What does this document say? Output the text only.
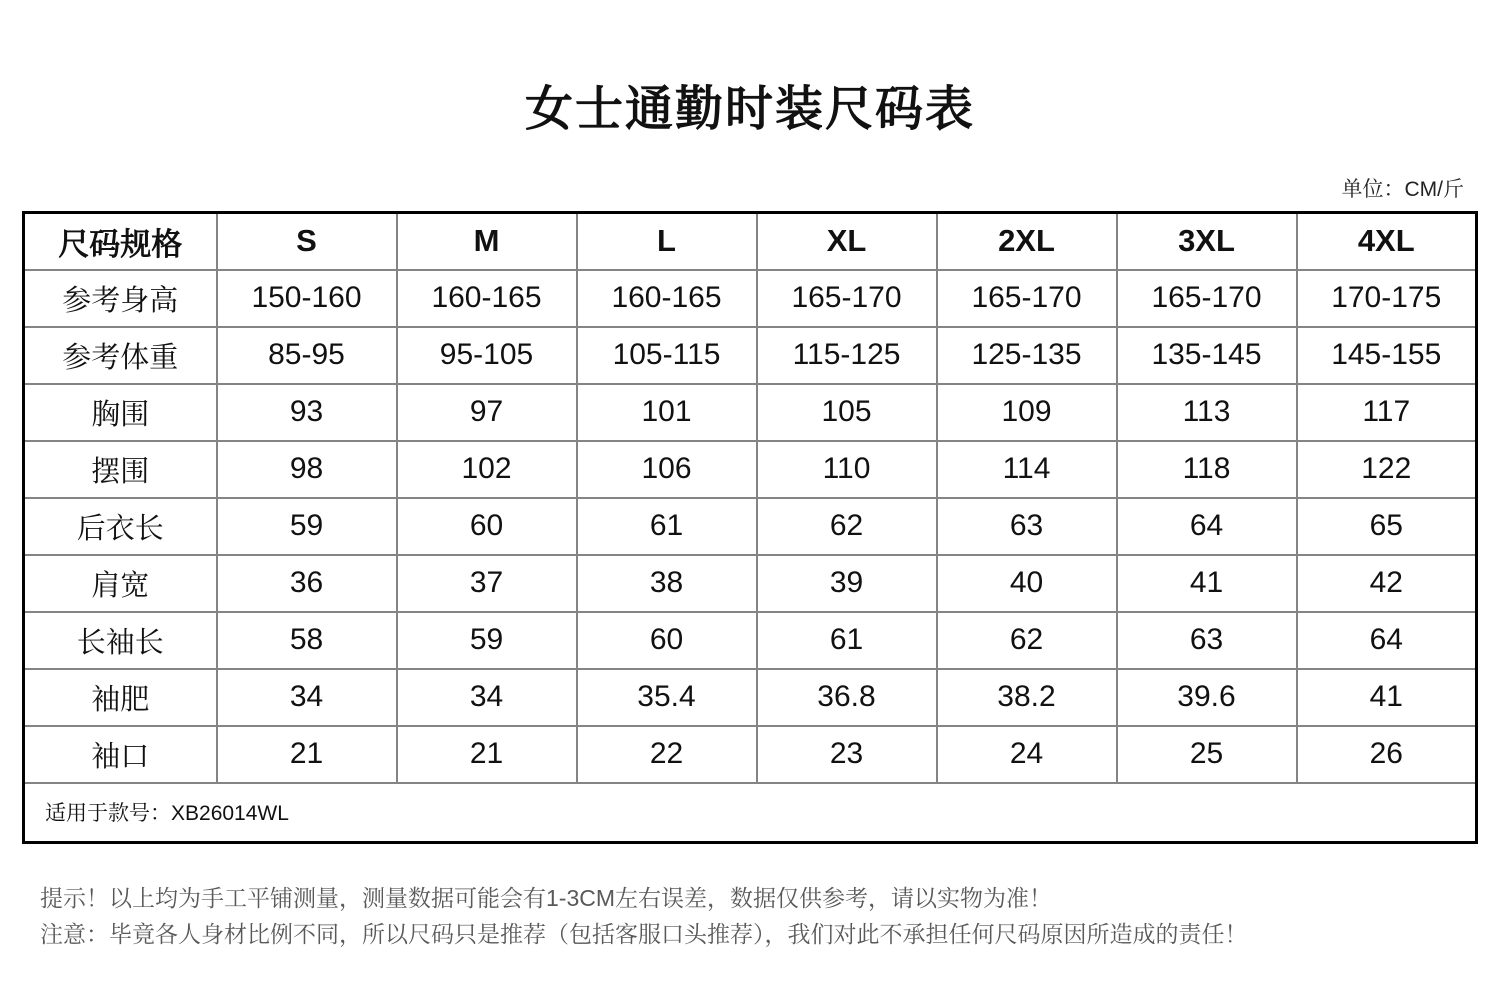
女士通勤时装尺码表
单位：CM/斤
尺码规格	S	M	L	XL	2XL	3XL	4XL
参考身高	150-160	160-165	160-165	165-170	165-170	165-170	170-175
参考体重	85-95	95-105	105-115	115-125	125-135	135-145	145-155
胸围	93	97	101	105	109	113	117
摆围	98	102	106	110	114	118	122
后衣长	59	60	61	62	63	64	65
肩宽	36	37	38	39	40	41	42
长袖长	58	59	60	61	62	63	64
袖肥	34	34	35.4	36.8	38.2	39.6	41
袖口	21	21	22	23	24	25	26
适用于款号：XB26014WL							
提示！以上均为手工平铺测量，测量数据可能会有1-3CM左右误差，数据仅供参考，请以实物为准！
注意：毕竟各人身材比例不同，所以尺码只是推荐（包括客服口头推荐），我们对此不承担任何尺码原因所造成的责任！
